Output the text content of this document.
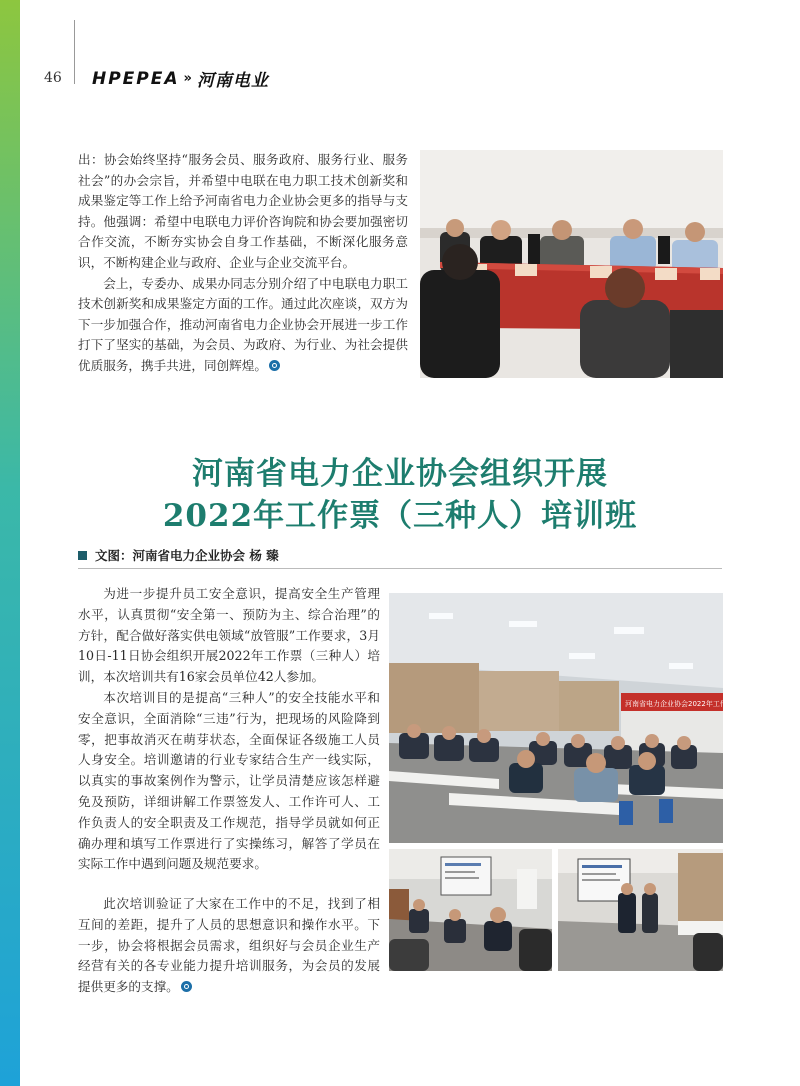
46 HPEPEA » 河南电业

出：协会始终坚持“服务会员、服务政府、服务行业、服务社会”的办会宗旨，并希望中电联在电力职工技术创新奖和成果鉴定等工作上给予河南省电力企业协会更多的指导与支持。他强调：希望中电联电力评价咨询院和协会要加强密切合作交流，不断夯实协会自身工作基础，不断深化服务意识，不断构建企业与政府、企业与企业交流平台。

会上，专委办、成果办同志分别介绍了中电联电力职工技术创新奖和成果鉴定方面的工作。通过此次座谈，双方为下一步加强合作，推动河南省电力企业协会开展进一步工作打下了坚实的基础，为会员、为政府、为行业、为社会提供优质服务，携手共进，同创辉煌。

河南省电力企业协会组织开展
2022年工作票（三种人）培训班
文图：河南省电力企业协会 杨 臻

为进一步提升员工安全意识，提高安全生产管理水平，认真贯彻“安全第一、预防为主、综合治理”的方针，配合做好落实供电领域“放管服”工作要求，3月10日-11日协会组织开展2022年工作票（三种人）培训，本次培训共有16家会员单位42人参加。

本次培训目的是提高“三种人”的安全技能水平和安全意识，全面消除“三违”行为，把现场的风险降到零，把事故消灭在萌芽状态，全面保证各级施工人员人身安全。培训邀请的行业专家结合生产一线实际，以真实的事故案例作为警示，让学员清楚应该怎样避免及预防，详细讲解工作票签发人、工作许可人、工作负责人的安全职责及工作规范，指导学员就如何正确办理和填写工作票进行了实操练习，解答了学员在实际工作中遇到问题及规范要求。

此次培训验证了大家在工作中的不足，找到了相互间的差距，提升了人员的思想意识和操作水平。下一步，协会将根据会员需求，组织好与会员企业生产经营有关的各专业能力提升培训服务，为会员的发展提供更多的支撑。

河南省电力企业协会2022年工作票（三种人）培训班
